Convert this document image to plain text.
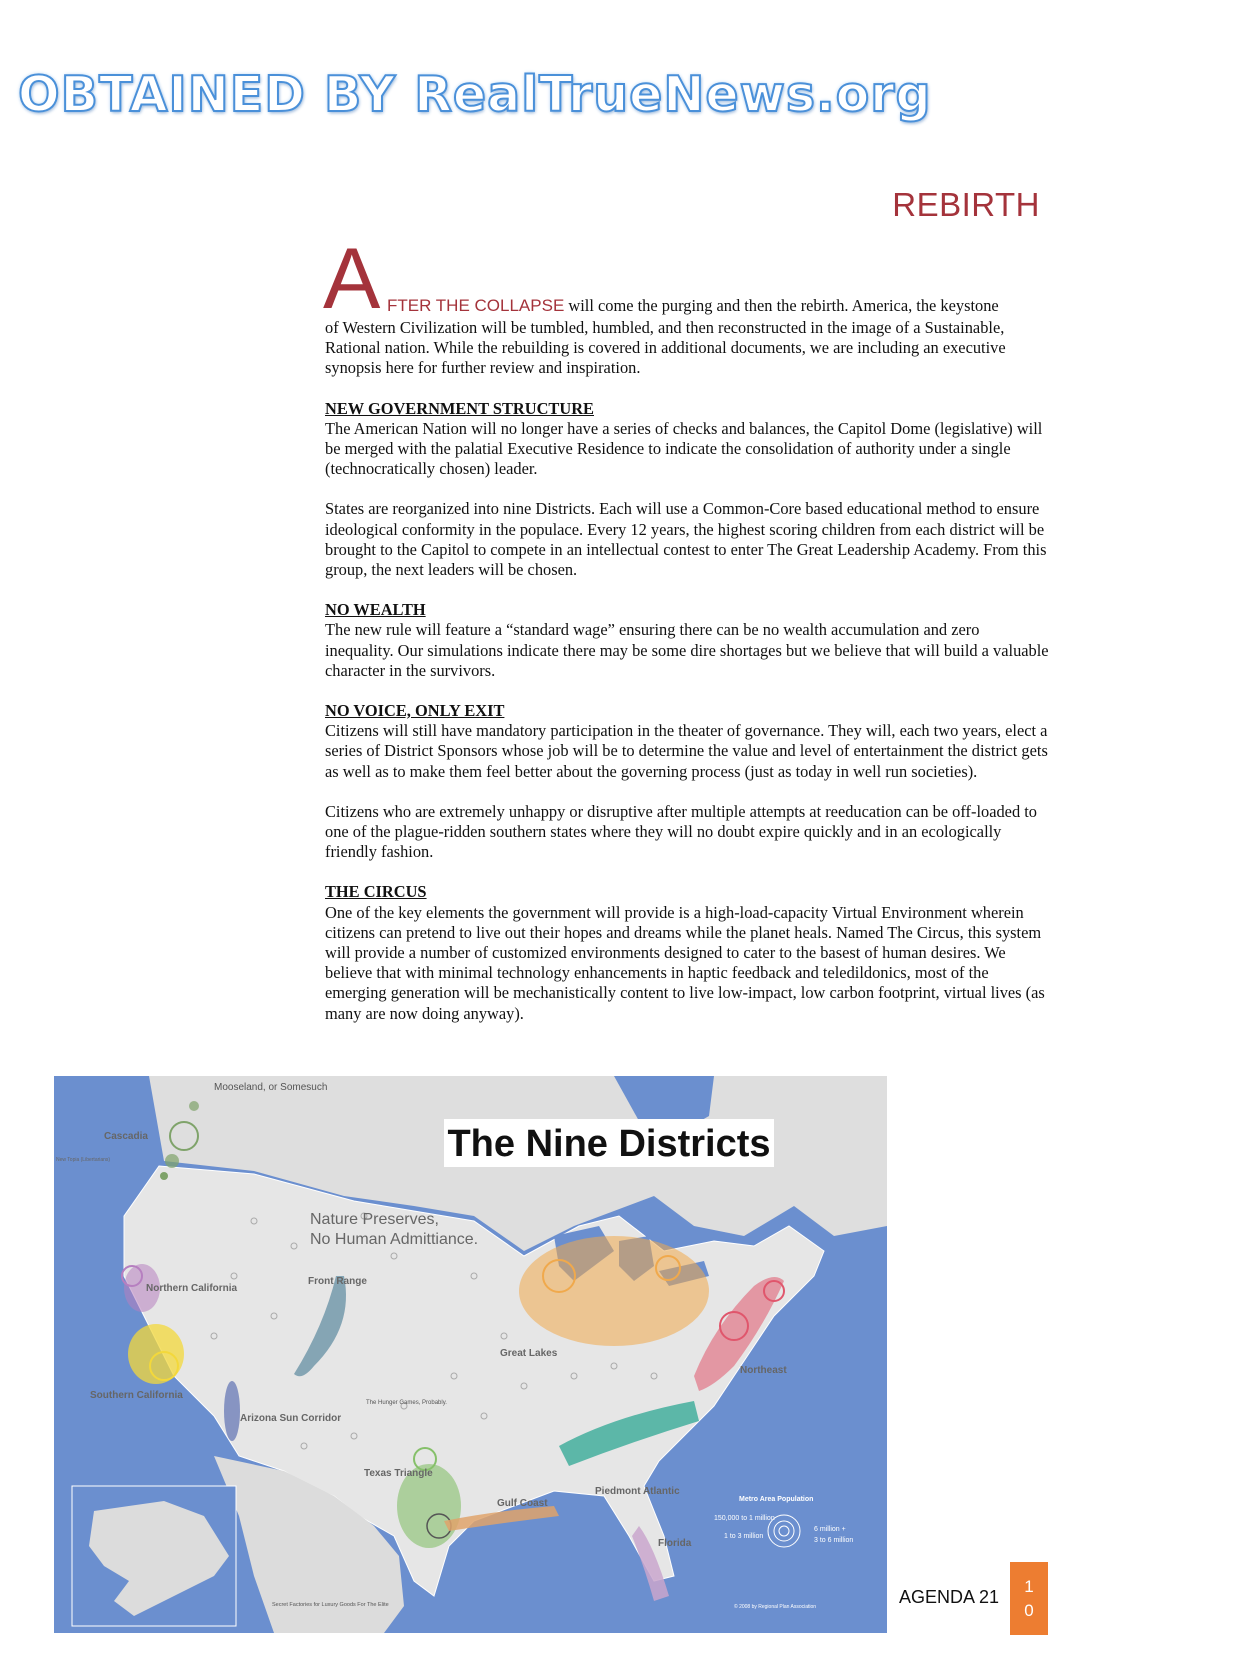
OBTAINED BY RealTrueNews.org
REBIRTH
A FTER THE COLLAPSE will come the purging and then the rebirth. America, the keystone

of Western Civilization will be tumbled, humbled, and then reconstructed in the image of a Sustainable, Rational nation. While the rebuilding is covered in additional documents, we are including an executive synopsis here for further review and inspiration.

NEW GOVERNMENT STRUCTURE

The American Nation will no longer have a series of checks and balances, the Capitol Dome (legislative) will be merged with the palatial Executive Residence to indicate the consolidation of authority under a single (technocratically chosen) leader.

States are reorganized into nine Districts. Each will use a Common-Core based educational method to ensure ideological conformity in the populace. Every 12 years, the highest scoring children from each district will be brought to the Capitol to compete in an intellectual contest to enter The Great Leadership Academy. From this group, the next leaders will be chosen.

NO WEALTH

The new rule will feature a “standard wage” ensuring there can be no wealth accumulation and zero inequality. Our simulations indicate there may be some dire shortages but we believe that will build a valuable character in the survivors.

NO VOICE, ONLY EXIT

Citizens will still have mandatory participation in the theater of governance. They will, each two years, elect a series of District Sponsors whose job will be to determine the value and level of entertainment the district gets as well as to make them feel better about the governing process (just as today in well run societies).

Citizens who are extremely unhappy or disruptive after multiple attempts at reeducation can be off-loaded to one of the plague-ridden southern states where they will no doubt expire quickly and in an ecologically friendly fashion.

THE CIRCUS

One of the key elements the government will provide is a high-load-capacity Virtual Environment wherein citizens can pretend to live out their hopes and dreams while the planet heals. Named The Circus, this system will provide a number of customized environments designed to cater to the basest of human desires. We believe that with minimal technology enhancements in haptic feedback and teledildonics, most of the emerging generation will be mechanistically content to live low-impact, low carbon footprint, virtual lives (as many are now doing anyway).

The Nine Districts
Mooseland, or Somesuch
New Topia (Libertarians)
Nature Preserves, No Human Admittiance.
The Hunger Games, Probably.
Secret Factories for Luxury Goods For The Elite	© 2008 by Regional Plan Association
Cascadia
Northern California
Southern California
Arizona Sun Corridor
Front Range
Texas Triangle
Gulf Coast
Great Lakes
Northeast
Piedmont Atlantic
Florida
Metro Area Population
150,000 to 1 million
1 to 3 million
3 to 6 million
6 million +
AGENDA 21
1
0
